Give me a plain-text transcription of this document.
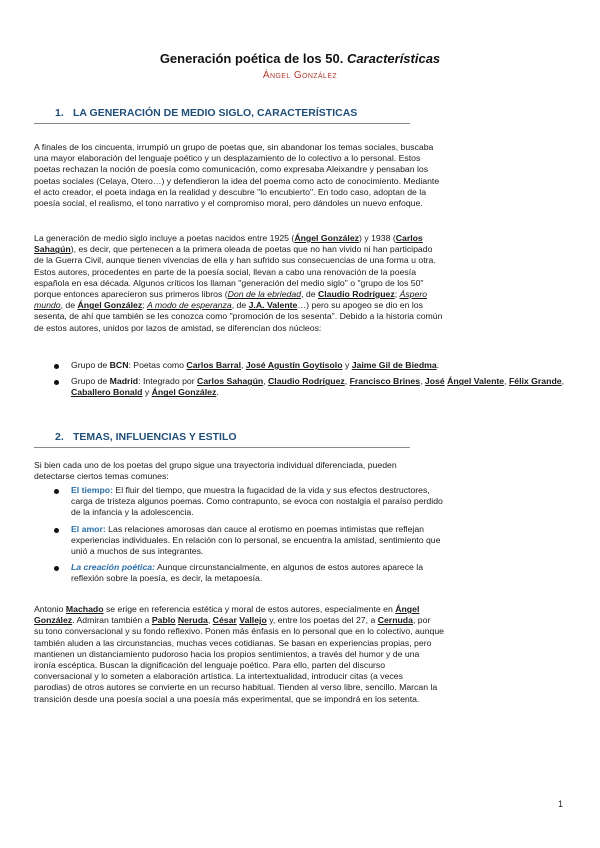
Generación poética de los 50. Características
Ángel González
1. LA GENERACIÓN DE MEDIO SIGLO, CARACTERÍSTICAS
A finales de los cincuenta, irrumpió un grupo de poetas que, sin abandonar los temas sociales, buscaba
una mayor elaboración del lenguaje poético y un desplazamiento de lo colectivo a lo personal. Estos
poetas rechazan la noción de poesía como comunicación, como expresaba Aleixandre y pensaban los
poetas sociales (Celaya, Otero…) y defendieron la idea del poema como acto de conocimiento. Mediante
el acto creador, el poeta indaga en la realidad y descubre "lo encubierto". En todo caso, adoptan de la
poesía social, el realismo, el tono narrativo y el compromiso moral, pero dándoles un nuevo enfoque.
La generación de medio siglo incluye a poetas nacidos entre 1925 (Ángel González) y 1938 (Carlos
Sahagún), es decir, que pertenecen a la primera oleada de poetas que no han vivido ni han participado
de la Guerra Civil, aunque tienen vivencias de ella y han sufrido sus consecuencias de una forma u otra.
Estos autores, procedentes en parte de la poesía social, llevan a cabo una renovación de la poesía
española en esa década. Algunos críticos los llaman "generación del medio siglo" o "grupo de los 50"
porque entonces aparecieron sus primeros libros (Don de la ebriedad, de Claudio Rodríguez; Áspero
mundo, de Ángel González; A modo de esperanza, de J.A. Valente…) pero su apogeo se dio en los
sesenta, de ahí que también se les conozca como "promoción de los sesenta". Debido a la historia común
de estos autores, unidos por lazos de amistad, se diferencian dos núcleos:
Grupo de BCN: Poetas como Carlos Barral, José Agustín Goytisolo y Jaime Gil de Biedma.
Grupo de Madrid: Integrado por Carlos Sahagún, Claudio Rodríguez, Francisco Brines, José Ángel Valente, Félix Grande, Caballero Bonald y Ángel González.
2. TEMAS, INFLUENCIAS Y ESTILO
Si bien cada uno de los poetas del grupo sigue una trayectoria individual diferenciada, pueden
detectarse ciertos temas comunes:
El tiempo: El fluir del tiempo, que muestra la fugacidad de la vida y sus efectos destructores,
carga de tristeza algunos poemas. Como contrapunto, se evoca con nostalgia el paraíso perdido
de la infancia y la adolescencia.
El amor: Las relaciones amorosas dan cauce al erotismo en poemas intimistas que reflejan
experiencias individuales. En relación con lo personal, se encuentra la amistad, sentimiento que
unió a muchos de sus integrantes.
La creación poética: Aunque circunstancialmente, en algunos de estos autores aparece la
reflexión sobre la poesía, es decir, la metapoesía.
Antonio Machado se erige en referencia estética y moral de estos autores, especialmente en Ángel
González. Admiran también a Pablo Neruda, César Vallejo y, entre los poetas del 27, a Cernuda, por
su tono conversacional y su fondo reflexivo. Ponen más énfasis en lo personal que en lo colectivo, aunque
también aluden a las circunstancias, muchas veces cotidianas. Se basan en experiencias propias, pero
mantienen un distanciamiento pudoroso hacia los propios sentimientos, a través del humor y de una
ironía escéptica. Buscan la dignificación del lenguaje poético. Para ello, parten del discurso
conversacional y lo someten a elaboración artística. La intertextualidad, introducir citas (a veces
parodias) de otros autores se convierte en un recurso habitual. Tienden al verso libre, sencillo. Marcan la
transición desde una poesía social a una poesía más experimental, que se impondrá en los setenta.
1
